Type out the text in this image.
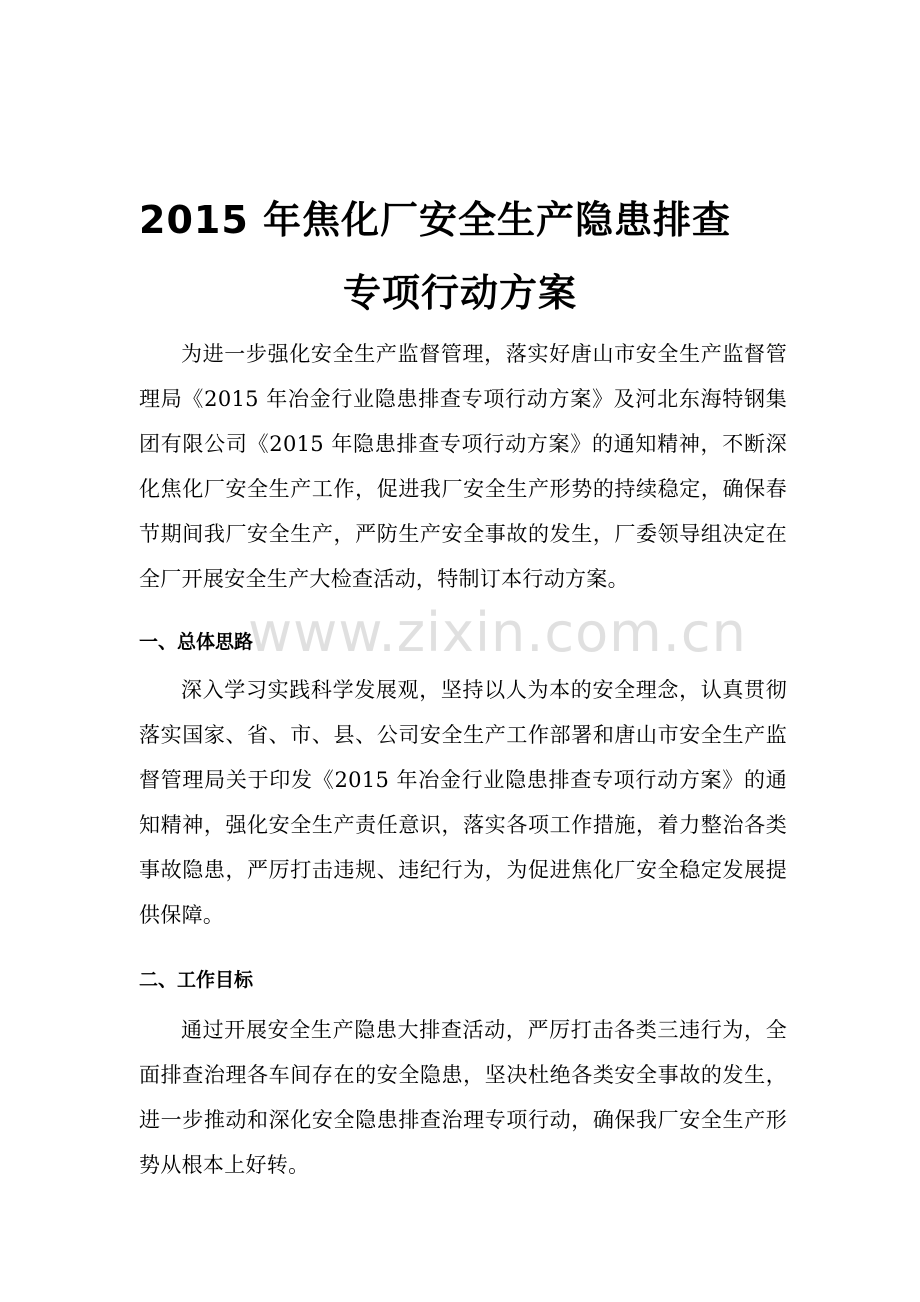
2015 年焦化厂安全生产隐患排查
专项行动方案
为进一步强化安全生产监督管理，落实好唐山市安全生产监督管理局《2015 年冶金行业隐患排查专项行动方案》及河北东海特钢集团有限公司《2015 年隐患排查专项行动方案》的通知精神，不断深化焦化厂安全生产工作，促进我厂安全生产形势的持续稳定，确保春节期间我厂安全生产，严防生产安全事故的发生，厂委领导组决定在全厂开展安全生产大检查活动，特制订本行动方案。
一、总体思路
深入学习实践科学发展观，坚持以人为本的安全理念，认真贯彻落实国家、省、市、县、公司安全生产工作部署和唐山市安全生产监督管理局关于印发《2015 年冶金行业隐患排查专项行动方案》的通知精神，强化安全生产责任意识，落实各项工作措施，着力整治各类事故隐患，严厉打击违规、违纪行为，为促进焦化厂安全稳定发展提供保障。
二、工作目标
通过开展安全生产隐患大排查活动，严厉打击各类三违行为，全面排查治理各车间存在的安全隐患，坚决杜绝各类安全事故的发生，进一步推动和深化安全隐患排查治理专项行动，确保我厂安全生产形势从根本上好转。
www.zixin.com.cn
